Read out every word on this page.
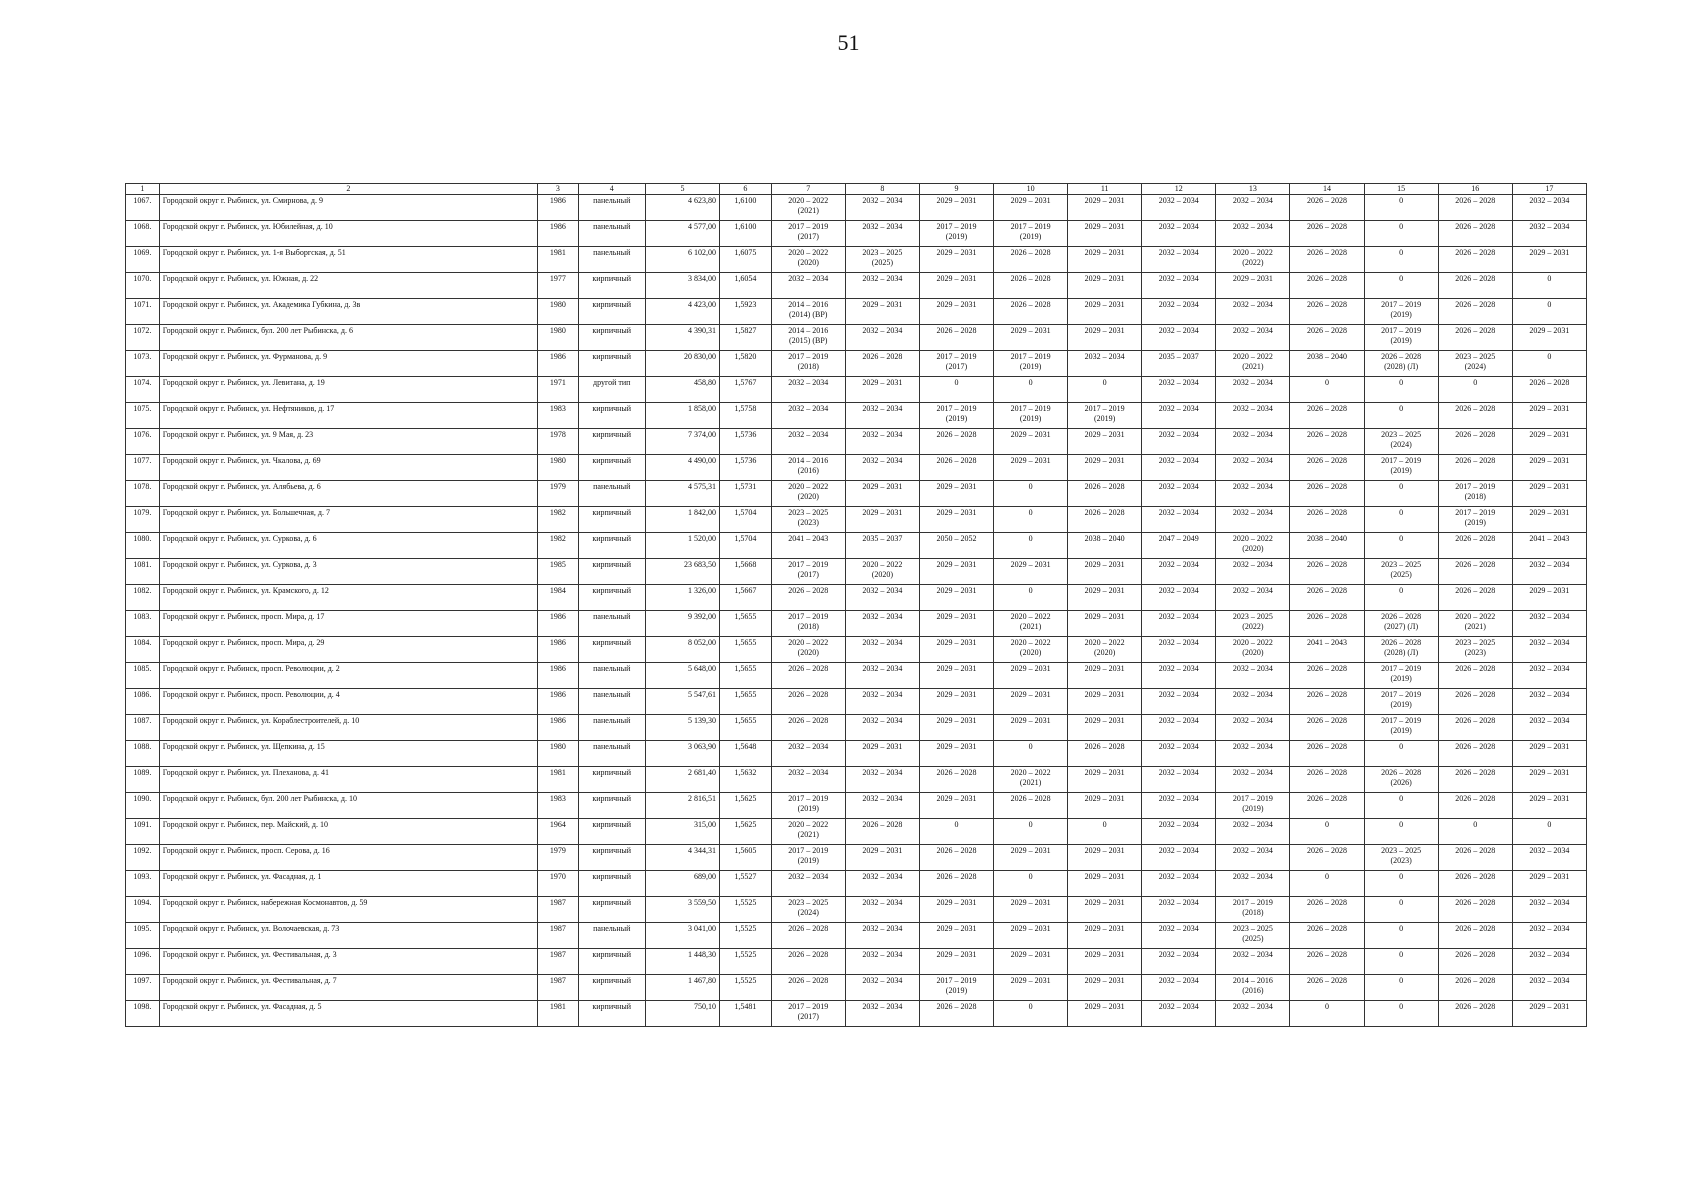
51
1	2	3	4	5	6	7	8	9	10	11	12	13	14	15	16	17
1067.	Городской округ г. Рыбинск, ул. Смирнова, д. 9	1986	панельный	4 623,80	1,6100	2020 – 2022
(2021)	2032 – 2034	2029 – 2031	2029 – 2031	2029 – 2031	2032 – 2034	2032 – 2034	2026 – 2028	0	2026 – 2028	2032 – 2034
1068.	Городской округ г. Рыбинск, ул. Юбилейная, д. 10	1986	панельный	4 577,00	1,6100	2017 – 2019
(2017)	2032 – 2034	2017 – 2019
(2019)	2017 – 2019
(2019)	2029 – 2031	2032 – 2034	2032 – 2034	2026 – 2028	0	2026 – 2028	2032 – 2034
1069.	Городской округ г. Рыбинск, ул. 1-я Выборгская, д. 51	1981	панельный	6 102,00	1,6075	2020 – 2022
(2020)	2023 – 2025
(2025)	2029 – 2031	2026 – 2028	2029 – 2031	2032 – 2034	2020 – 2022
(2022)	2026 – 2028	0	2026 – 2028	2029 – 2031
1070.	Городской округ г. Рыбинск, ул. Южная, д. 22	1977	кирпичный	3 834,00	1,6054	2032 – 2034	2032 – 2034	2029 – 2031	2026 – 2028	2029 – 2031	2032 – 2034	2029 – 2031	2026 – 2028	0	2026 – 2028	0
1071.	Городской округ г. Рыбинск, ул. Академика Губкина, д. 3в	1980	кирпичный	4 423,00	1,5923	2014 – 2016
(2014) (ВР)	2029 – 2031	2029 – 2031	2026 – 2028	2029 – 2031	2032 – 2034	2032 – 2034	2026 – 2028	2017 – 2019
(2019)	2026 – 2028	0
1072.	Городской округ г. Рыбинск, бул. 200 лет Рыбинска, д. 6	1980	кирпичный	4 390,31	1,5827	2014 – 2016
(2015) (ВР)	2032 – 2034	2026 – 2028	2029 – 2031	2029 – 2031	2032 – 2034	2032 – 2034	2026 – 2028	2017 – 2019
(2019)	2026 – 2028	2029 – 2031
1073.	Городской округ г. Рыбинск, ул. Фурманова, д. 9	1986	кирпичный	20 830,00	1,5820	2017 – 2019
(2018)	2026 – 2028	2017 – 2019
(2017)	2017 – 2019
(2019)	2032 – 2034	2035 – 2037	2020 – 2022
(2021)	2038 – 2040	2026 – 2028
(2028) (Л)	2023 – 2025
(2024)	0
1074.	Городской округ г. Рыбинск, ул. Левитана, д. 19	1971	другой тип	458,80	1,5767	2032 – 2034	2029 – 2031	0	0	0	2032 – 2034	2032 – 2034	0	0	0	2026 – 2028
1075.	Городской округ г. Рыбинск, ул. Нефтяников, д. 17	1983	кирпичный	1 858,00	1,5758	2032 – 2034	2032 – 2034	2017 – 2019
(2019)	2017 – 2019
(2019)	2017 – 2019
(2019)	2032 – 2034	2032 – 2034	2026 – 2028	0	2026 – 2028	2029 – 2031
1076.	Городской округ г. Рыбинск, ул. 9 Мая, д. 23	1978	кирпичный	7 374,00	1,5736	2032 – 2034	2032 – 2034	2026 – 2028	2029 – 2031	2029 – 2031	2032 – 2034	2032 – 2034	2026 – 2028	2023 – 2025
(2024)	2026 – 2028	2029 – 2031
1077.	Городской округ г. Рыбинск, ул. Чкалова, д. 69	1980	кирпичный	4 490,00	1,5736	2014 – 2016
(2016)	2032 – 2034	2026 – 2028	2029 – 2031	2029 – 2031	2032 – 2034	2032 – 2034	2026 – 2028	2017 – 2019
(2019)	2026 – 2028	2029 – 2031
1078.	Городской округ г. Рыбинск, ул. Алябьева, д. 6	1979	панельный	4 575,31	1,5731	2020 – 2022
(2020)	2029 – 2031	2029 – 2031	0	2026 – 2028	2032 – 2034	2032 – 2034	2026 – 2028	0	2017 – 2019
(2018)	2029 – 2031
1079.	Городской округ г. Рыбинск, ул. Большечная, д. 7	1982	кирпичный	1 842,00	1,5704	2023 – 2025
(2023)	2029 – 2031	2029 – 2031	0	2026 – 2028	2032 – 2034	2032 – 2034	2026 – 2028	0	2017 – 2019
(2019)	2029 – 2031
1080.	Городской округ г. Рыбинск, ул. Суркова, д. 6	1982	кирпичный	1 520,00	1,5704	2041 – 2043	2035 – 2037	2050 – 2052	0	2038 – 2040	2047 – 2049	2020 – 2022
(2020)	2038 – 2040	0	2026 – 2028	2041 – 2043
1081.	Городской округ г. Рыбинск, ул. Суркова, д. 3	1985	кирпичный	23 683,50	1,5668	2017 – 2019
(2017)	2020 – 2022
(2020)	2029 – 2031	2029 – 2031	2029 – 2031	2032 – 2034	2032 – 2034	2026 – 2028	2023 – 2025
(2025)	2026 – 2028	2032 – 2034
1082.	Городской округ г. Рыбинск, ул. Крамского, д. 12	1984	кирпичный	1 326,00	1,5667	2026 – 2028	2032 – 2034	2029 – 2031	0	2029 – 2031	2032 – 2034	2032 – 2034	2026 – 2028	0	2026 – 2028	2029 – 2031
1083.	Городской округ г. Рыбинск, просп. Мира, д. 17	1986	панельный	9 392,00	1,5655	2017 – 2019
(2018)	2032 – 2034	2029 – 2031	2020 – 2022
(2021)	2029 – 2031	2032 – 2034	2023 – 2025
(2022)	2026 – 2028	2026 – 2028
(2027) (Л)	2020 – 2022
(2021)	2032 – 2034
1084.	Городской округ г. Рыбинск, просп. Мира, д. 29	1986	кирпичный	8 052,00	1,5655	2020 – 2022
(2020)	2032 – 2034	2029 – 2031	2020 – 2022
(2020)	2020 – 2022
(2020)	2032 – 2034	2020 – 2022
(2020)	2041 – 2043	2026 – 2028
(2028) (Л)	2023 – 2025
(2023)	2032 – 2034
1085.	Городской округ г. Рыбинск, просп. Революции, д. 2	1986	панельный	5 648,00	1,5655	2026 – 2028	2032 – 2034	2029 – 2031	2029 – 2031	2029 – 2031	2032 – 2034	2032 – 2034	2026 – 2028	2017 – 2019
(2019)	2026 – 2028	2032 – 2034
1086.	Городской округ г. Рыбинск, просп. Революции, д. 4	1986	панельный	5 547,61	1,5655	2026 – 2028	2032 – 2034	2029 – 2031	2029 – 2031	2029 – 2031	2032 – 2034	2032 – 2034	2026 – 2028	2017 – 2019
(2019)	2026 – 2028	2032 – 2034
1087.	Городской округ г. Рыбинск, ул. Кораблестроителей, д. 10	1986	панельный	5 139,30	1,5655	2026 – 2028	2032 – 2034	2029 – 2031	2029 – 2031	2029 – 2031	2032 – 2034	2032 – 2034	2026 – 2028	2017 – 2019
(2019)	2026 – 2028	2032 – 2034
1088.	Городской округ г. Рыбинск, ул. Щепкина, д. 15	1980	панельный	3 063,90	1,5648	2032 – 2034	2029 – 2031	2029 – 2031	0	2026 – 2028	2032 – 2034	2032 – 2034	2026 – 2028	0	2026 – 2028	2029 – 2031
1089.	Городской округ г. Рыбинск, ул. Плеханова, д. 41	1981	кирпичный	2 681,40	1,5632	2032 – 2034	2032 – 2034	2026 – 2028	2020 – 2022
(2021)	2029 – 2031	2032 – 2034	2032 – 2034	2026 – 2028	2026 – 2028
(2026)	2026 – 2028	2029 – 2031
1090.	Городской округ г. Рыбинск, бул. 200 лет Рыбинска, д. 10	1983	кирпичный	2 816,51	1,5625	2017 – 2019
(2019)	2032 – 2034	2029 – 2031	2026 – 2028	2029 – 2031	2032 – 2034	2017 – 2019
(2019)	2026 – 2028	0	2026 – 2028	2029 – 2031
1091.	Городской округ г. Рыбинск, пер. Майский, д. 10	1964	кирпичный	315,00	1,5625	2020 – 2022
(2021)	2026 – 2028	0	0	0	2032 – 2034	2032 – 2034	0	0	0	0
1092.	Городской округ г. Рыбинск, просп. Серова, д. 16	1979	кирпичный	4 344,31	1,5605	2017 – 2019
(2019)	2029 – 2031	2026 – 2028	2029 – 2031	2029 – 2031	2032 – 2034	2032 – 2034	2026 – 2028	2023 – 2025
(2023)	2026 – 2028	2032 – 2034
1093.	Городской округ г. Рыбинск, ул. Фасадная, д. 1	1970	кирпичный	689,00	1,5527	2032 – 2034	2032 – 2034	2026 – 2028	0	2029 – 2031	2032 – 2034	2032 – 2034	0	0	2026 – 2028	2029 – 2031
1094.	Городской округ г. Рыбинск, набережная Космонавтов, д. 59	1987	кирпичный	3 559,50	1,5525	2023 – 2025
(2024)	2032 – 2034	2029 – 2031	2029 – 2031	2029 – 2031	2032 – 2034	2017 – 2019
(2018)	2026 – 2028	0	2026 – 2028	2032 – 2034
1095.	Городской округ г. Рыбинск, ул. Волочаевская, д. 73	1987	панельный	3 041,00	1,5525	2026 – 2028	2032 – 2034	2029 – 2031	2029 – 2031	2029 – 2031	2032 – 2034	2023 – 2025
(2025)	2026 – 2028	0	2026 – 2028	2032 – 2034
1096.	Городской округ г. Рыбинск, ул. Фестивальная, д. 3	1987	кирпичный	1 448,30	1,5525	2026 – 2028	2032 – 2034	2029 – 2031	2029 – 2031	2029 – 2031	2032 – 2034	2032 – 2034	2026 – 2028	0	2026 – 2028	2032 – 2034
1097.	Городской округ г. Рыбинск, ул. Фестивальная, д. 7	1987	кирпичный	1 467,80	1,5525	2026 – 2028	2032 – 2034	2017 – 2019
(2019)	2029 – 2031	2029 – 2031	2032 – 2034	2014 – 2016
(2016)	2026 – 2028	0	2026 – 2028	2032 – 2034
1098.	Городской округ г. Рыбинск, ул. Фасадная, д. 5	1981	кирпичный	750,10	1,5481	2017 – 2019
(2017)	2032 – 2034	2026 – 2028	0	2029 – 2031	2032 – 2034	2032 – 2034	0	0	2026 – 2028	2029 – 2031
